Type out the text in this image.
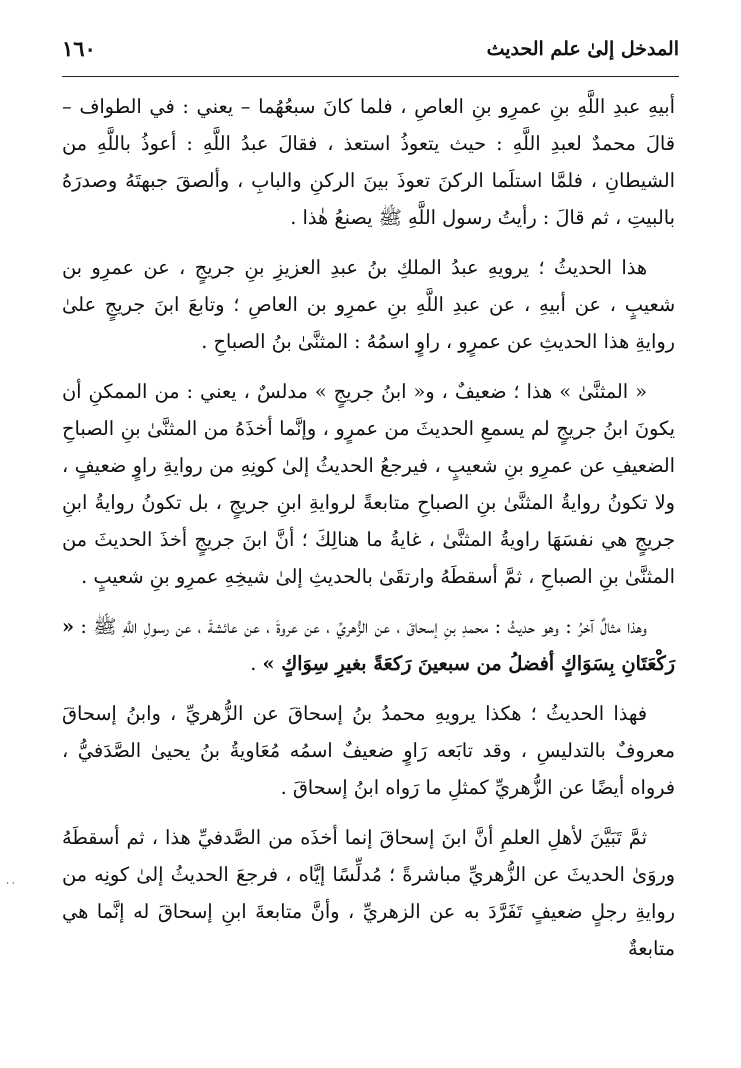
المدخل إلىٰ علم الحديث
١٦٠

أبيهِ عبدِ اللَّهِ بنِ عمرِو بنِ العاصِ ، فلما كانَ سبعُهُما – يعني : في الطواف – قالَ محمدٌ لعبدِ اللَّهِ : حيث يتعوذُ استعذ ، فقالَ عبدُ اللَّهِ : أعوذُ باللَّهِ من الشيطانِ ، فلمَّا استلَما الركنَ تعوذَ بينَ الركنِ والبابِ ، وألصقَ جبهتَهُ وصدرَهُ بالبيتِ ، ثم قالَ : رأيتُ رسول اللَّهِ ﷺ يصنعُ هٰذا .

هذا الحديثُ ؛ يرويهِ عبدُ الملكِ بنُ عبدِ العزيزِ بنِ جريجٍ ، عن عمرِو بن شعيبٍ ، عن أبيهِ ، عن عبدِ اللَّهِ بنِ عمرِو بن العاصِ ؛ وتابعَ ابنَ جريجٍ علىٰ روايةِ هذا الحديثِ عن عمرٍو ، راوٍ اسمُهُ : المثنَّىٰ بنُ الصباحِ .

« المثنَّىٰ » هذا ؛ ضعيفٌ ، و« ابنُ جريجٍ » مدلسٌ ، يعني : من الممكنِ أن يكونَ ابنُ جريجٍ لم يسمعِ الحديثَ من عمرٍو ، وإنَّما أخذَهُ من المثنَّىٰ بنِ الصباحِ الضعيفِ عن عمرِو بنِ شعيبٍ ، فيرجعُ الحديثُ إلىٰ كونِهِ من روايةِ راوٍ ضعيفٍ ، ولا تكونُ روايةُ المثنَّىٰ بنِ الصباحِ متابعةً لروايةِ ابنِ جريجٍ ، بل تكونُ روايةُ ابنِ جريجٍ هي نفسَهَا راويةُ المثنَّىٰ ، غايةُ ما هنالِكَ ؛ أنَّ ابنَ جريجٍ أخذَ الحديثَ من المثنَّىٰ بنِ الصباحِ ، ثمَّ أسقطَهُ وارتقَىٰ بالحديثِ إلىٰ شيخِهِ عمرِو بنِ شعيبٍ .

وهذا مثالٌ آخرُ : وهو حديثُ : محمدِ بنِ إسحاقَ ، عن الزُّهريِّ ، عن عروةَ ، عن عائشةَ ، عن رسولِ اللَّهِ ﷺ : « رَكْعَتَانِ بِسَوَاكٍ أفضلُ من سبعينَ رَكعَةً بغيرِ سِوَاكٍ » .

فهذا الحديثُ ؛ هكذا يرويهِ محمدُ بنُ إسحاقَ عن الزُّهريِّ ، وابنُ إسحاقَ معروفٌ بالتدليسِ ، وقد تابَعه رَاوٍ ضعيفٌ اسمُه مُعَاويةُ بنُ يحيىٰ الصَّدَفيُّ ، فرواه أيضًا عن الزُّهريِّ كمثلِ ما رَواه ابنُ إسحاقَ .

ثمَّ تَبَيَّنَ لأهلِ العلمِ أنَّ ابنَ إسحاقَ إنما أخذَه من الصَّدفيِّ هذا ، ثم أسقطَهُ وروَىٰ الحديثَ عن الزُّهريِّ مباشرةً ؛ مُدلِّسًا إيَّاه ، فرجعَ الحديثُ إلىٰ كونِه من روايةِ رجلٍ ضعيفٍ تَفَرَّدَ به عن الزهريِّ ، وأنَّ متابعةَ ابنِ إسحاقَ له إنَّما هي متابعةٌ

، ،
